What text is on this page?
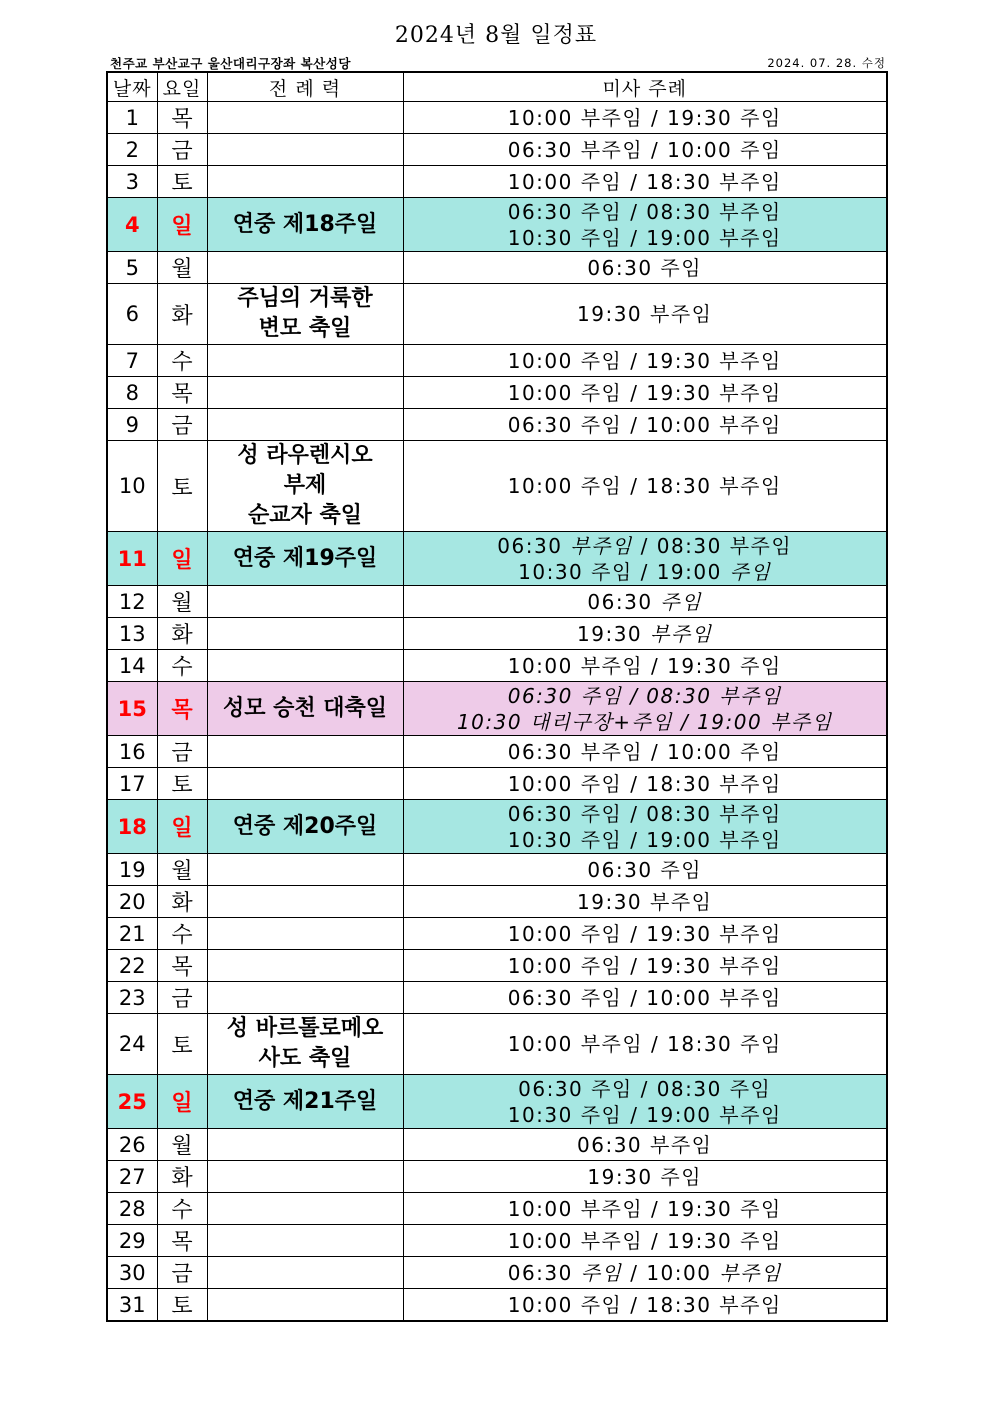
2024년 8월 일정표
천주교 부산교구 울산대리구장좌 복산성당	2024. 07. 28. 수정
날짜	요일	전 례 력	미사 주례
1	목		10:00 부주임 / 19:30 주임

2	금		06:30 부주임 / 10:00 주임

3	토		10:00 주임 / 18:30 부주임

4	일	연중 제18주일	06:30 주임 / 08:30 부주임
10:30 주임 / 19:00 부주임

5	월		06:30 주임

6	화	주님의 거룩한
변모 축일	19:30 부주임

7	수		10:00 주임 / 19:30 부주임

8	목		10:00 주임 / 19:30 부주임

9	금		06:30 주임 / 10:00 부주임

10	토	성 라우렌시오
부제
순교자 축일	10:00 주임 / 18:30 부주임

11	일	연중 제19주일	06:30 부주임 / 08:30 부주임
10:30 주임 / 19:00 주임

12	월		06:30 주임

13	화		19:30 부주임

14	수		10:00 부주임 / 19:30 주임

15	목	성모 승천 대축일	06:30 주임 / 08:30 부주임
10:30 대리구장+주임 / 19:00 부주임

16	금		06:30 부주임 / 10:00 주임

17	토		10:00 주임 / 18:30 부주임

18	일	연중 제20주일	06:30 주임 / 08:30 부주임
10:30 주임 / 19:00 부주임

19	월		06:30 주임

20	화		19:30 부주임

21	수		10:00 주임 / 19:30 부주임

22	목		10:00 주임 / 19:30 부주임

23	금		06:30 주임 / 10:00 부주임

24	토	성 바르톨로메오
사도 축일	10:00 부주임 / 18:30 주임

25	일	연중 제21주일	06:30 주임 / 08:30 주임
10:30 주임 / 19:00 부주임

26	월		06:30 부주임

27	화		19:30 주임

28	수		10:00 부주임 / 19:30 주임

29	목		10:00 부주임 / 19:30 주임

30	금		06:30 주임 / 10:00 부주임

31	토		10:00 주임 / 18:30 부주임
